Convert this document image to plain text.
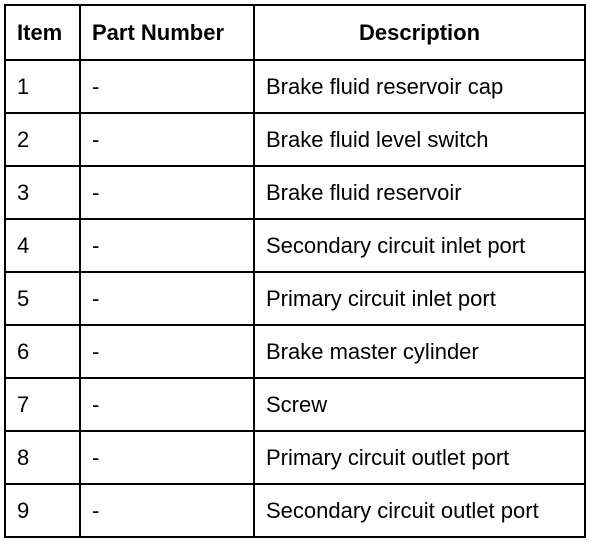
Item	Part Number	Description
1	-	Brake fluid reservoir cap
2	-	Brake fluid level switch
3	-	Brake fluid reservoir
4	-	Secondary circuit inlet port
5	-	Primary circuit inlet port
6	-	Brake master cylinder
7	-	Screw
8	-	Primary circuit outlet port
9	-	Secondary circuit outlet port
